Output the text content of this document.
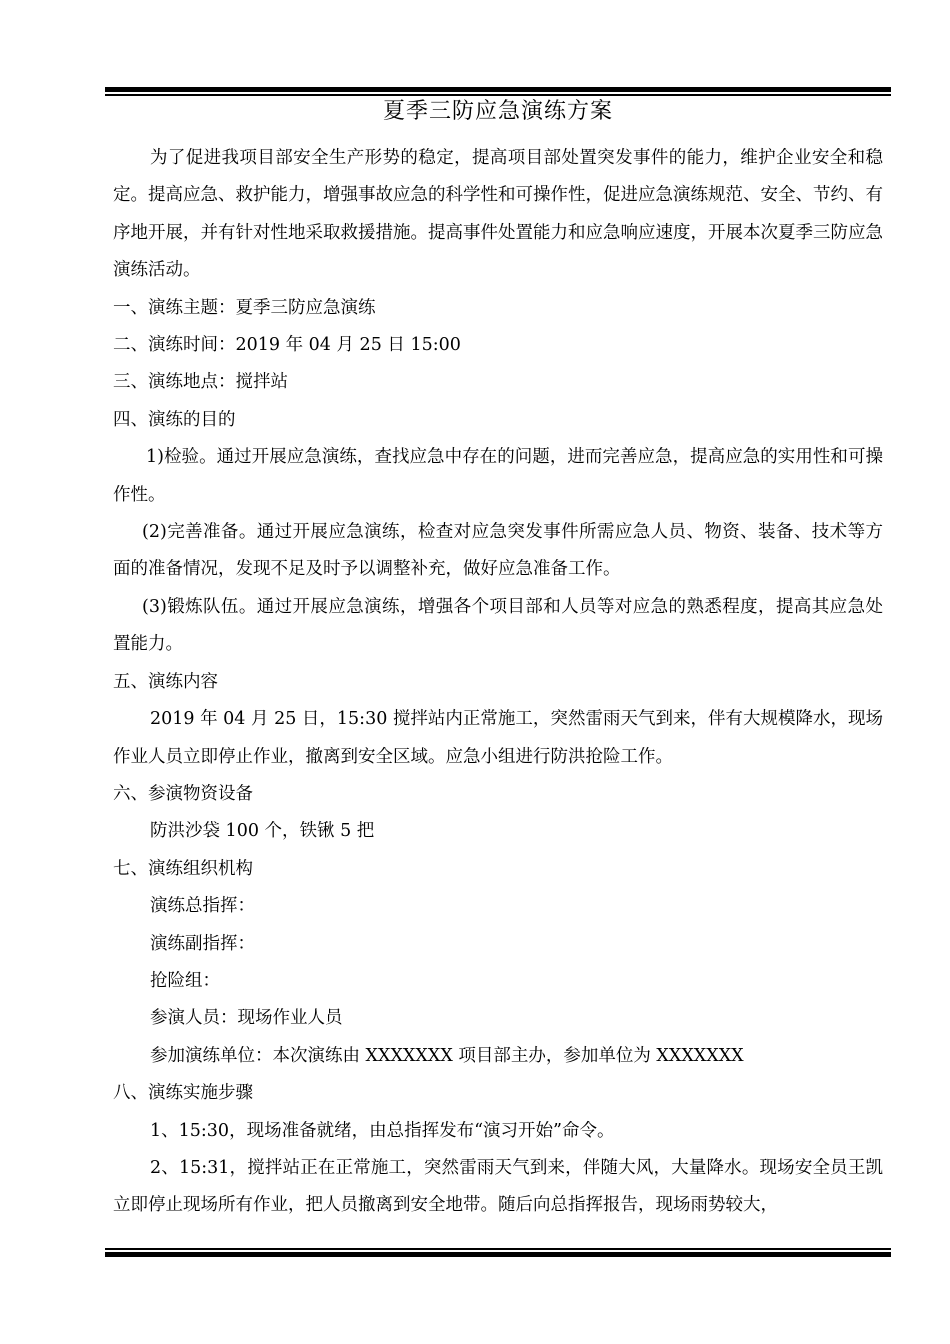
夏季三防应急演练方案

为了促进我项目部安全生产形势的稳定，提高项目部处置突发事件的能力，维护企业安全和稳定。提高应急、救护能力，增强事故应急的科学性和可操作性，促进应急演练规范、安全、节约、有序地开展，并有针对性地采取救援措施。提高事件处置能力和应急响应速度，开展本次夏季三防应急演练活动。

一、演练主题：夏季三防应急演练

二、演练时间：2019 年 04 月 25 日 15:00

三、演练地点：搅拌站

四、演练的目的

1)检验。通过开展应急演练，查找应急中存在的问题，进而完善应急，提高应急的实用性和可操作性。

(2)完善准备。通过开展应急演练，检查对应急突发事件所需应急人员、物资、装备、技术等方面的准备情况，发现不足及时予以调整补充，做好应急准备工作。

(3)锻炼队伍。通过开展应急演练，增强各个项目部和人员等对应急的熟悉程度，提高其应急处置能力。

五、演练内容

2019 年 04 月 25 日，15:30 搅拌站内正常施工，突然雷雨天气到来，伴有大规模降水，现场作业人员立即停止作业，撤离到安全区域。应急小组进行防洪抢险工作。

六、参演物资设备

防洪沙袋 100 个，铁锹 5 把

七、演练组织机构

演练总指挥：

演练副指挥：

抢险组：

参演人员：现场作业人员

参加演练单位：本次演练由 XXXXXXX 项目部主办，参加单位为 XXXXXXX

八、演练实施步骤

1、15:30，现场准备就绪，由总指挥发布“演习开始”命令。

2、15:31，搅拌站正在正常施工，突然雷雨天气到来，伴随大风，大量降水。现场安全员王凯立即停止现场所有作业，把人员撤离到安全地带。随后向总指挥报告，现场雨势较大，
